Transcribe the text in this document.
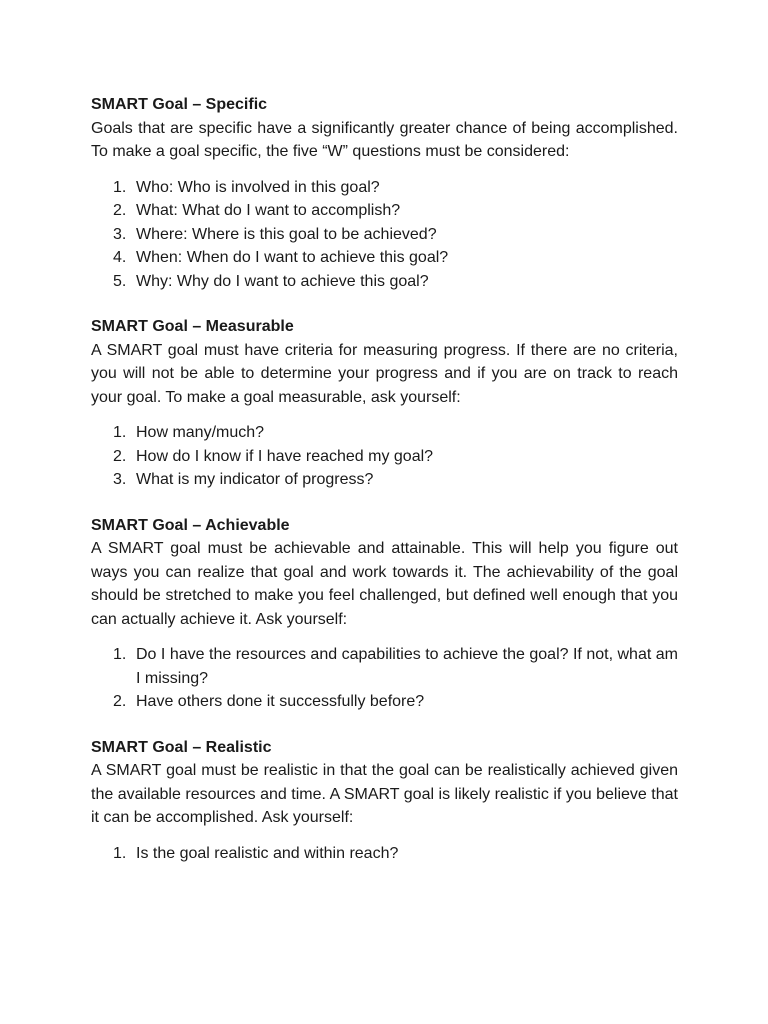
SMART Goal – Specific

Goals that are specific have a significantly greater chance of being accomplished. To make a goal specific, the five “W” questions must be considered:

1. Who: Who is involved in this goal?
2. What: What do I want to accomplish?
3. Where: Where is this goal to be achieved?
4. When: When do I want to achieve this goal?
5. Why: Why do I want to achieve this goal?

SMART Goal – Measurable

A SMART goal must have criteria for measuring progress. If there are no criteria, you will not be able to determine your progress and if you are on track to reach your goal. To make a goal measurable, ask yourself:

1. How many/much?
2. How do I know if I have reached my goal?
3. What is my indicator of progress?

SMART Goal – Achievable

A SMART goal must be achievable and attainable. This will help you figure out ways you can realize that goal and work towards it. The achievability of the goal should be stretched to make you feel challenged, but defined well enough that you can actually achieve it. Ask yourself:

1. Do I have the resources and capabilities to achieve the goal? If not, what am I missing?
2. Have others done it successfully before?

SMART Goal – Realistic

A SMART goal must be realistic in that the goal can be realistically achieved given the available resources and time. A SMART goal is likely realistic if you believe that it can be accomplished. Ask yourself:

1. Is the goal realistic and within reach?
